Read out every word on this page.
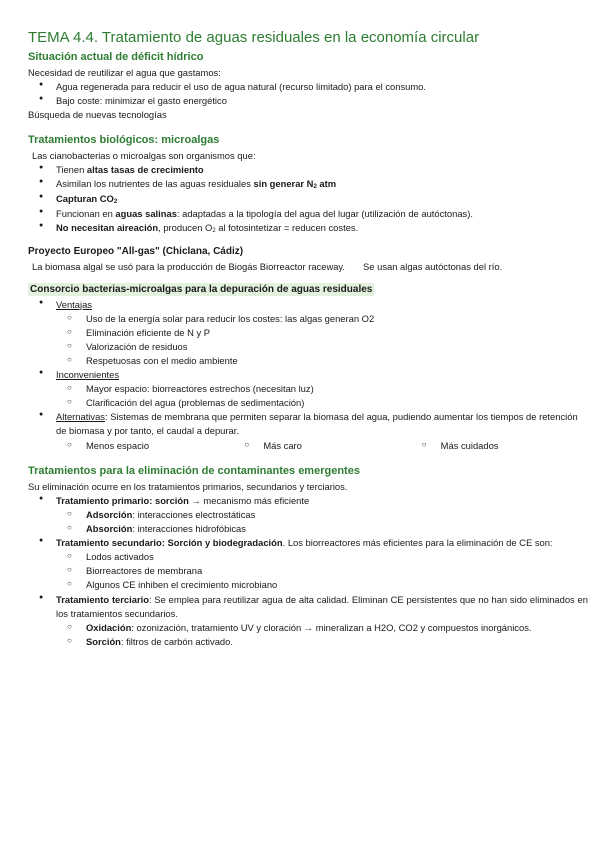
TEMA 4.4. Tratamiento de aguas residuales en la economía circular
Situación actual de déficit hídrico

Necesidad de reutilizar el agua que gastamos:

● Agua regenerada para reducir el uso de agua natural (recurso limitado) para el consumo.
● Bajo coste: minimizar el gasto energético

Búsqueda de nuevas tecnologías

Tratamientos biológicos: microalgas

Las cianobacterias o microalgas son organismos que:

● Tienen altas tasas de crecimiento
● Asimilan los nutrientes de las aguas residuales sin generar $N_2$ atm
● Capturan $CO_2$
● Funcionan en aguas salinas: adaptadas a la tipología del agua del lugar (utilización de autóctonas).
● No necesitan aireación, producen $O_2$ al fotosintetizar = reducen costes.
Proyecto Europeo "All-gas" (Chiclana, Cádiz)

La biomasa algal se usó para la producción de Biogás Biorreactor raceway. Se usan algas autóctonas del río.

Consorcio bacterias-microalgas para la depuración de aguas residuales
● Ventajas
○ Uso de la energía solar para reducir los costes: las algas generan O2
○ Eliminación eficiente de N y P
○ Valorización de residuos
○ Respetuosas con el medio ambiente
● Inconvenientes
○ Mayor espacio: biorreactores estrechos (necesitan luz)
○ Clarificación del agua (problemas de sedimentación)
● Alternativas: Sistemas de membrana que permiten separar la biomasa del agua, pudiendo aumentar los tiempos de retención de biomasa y por tanto, el caudal a depurar.
○ Menos espacio	○ Más caro	○ Más cuidados
Tratamientos para la eliminación de contaminantes emergentes

Su eliminación ocurre en los tratamientos primarios, secundarios y terciarios.

● Tratamiento primario: sorción → mecanismo más eficiente
○ Adsorción: interacciones electrostáticas
○ Absorción: interacciones hidrofóbicas
● Tratamiento secundario: Sorción y biodegradación. Los biorreactores más eficientes para la eliminación de CE son:
○ Lodos activados
○ Biorreactores de membrana
○ Algunos CE inhiben el crecimiento microbiano
● Tratamiento terciario: Se emplea para reutilizar agua de alta calidad. Eliminan CE persistentes que no han sido eliminados en los tratamientos secundarios.
○ Oxidación: ozonización, tratamiento UV y cloración → mineralizan a H2O, CO2 y compuestos inorgánicos.
○ Sorción: filtros de carbón activado.
